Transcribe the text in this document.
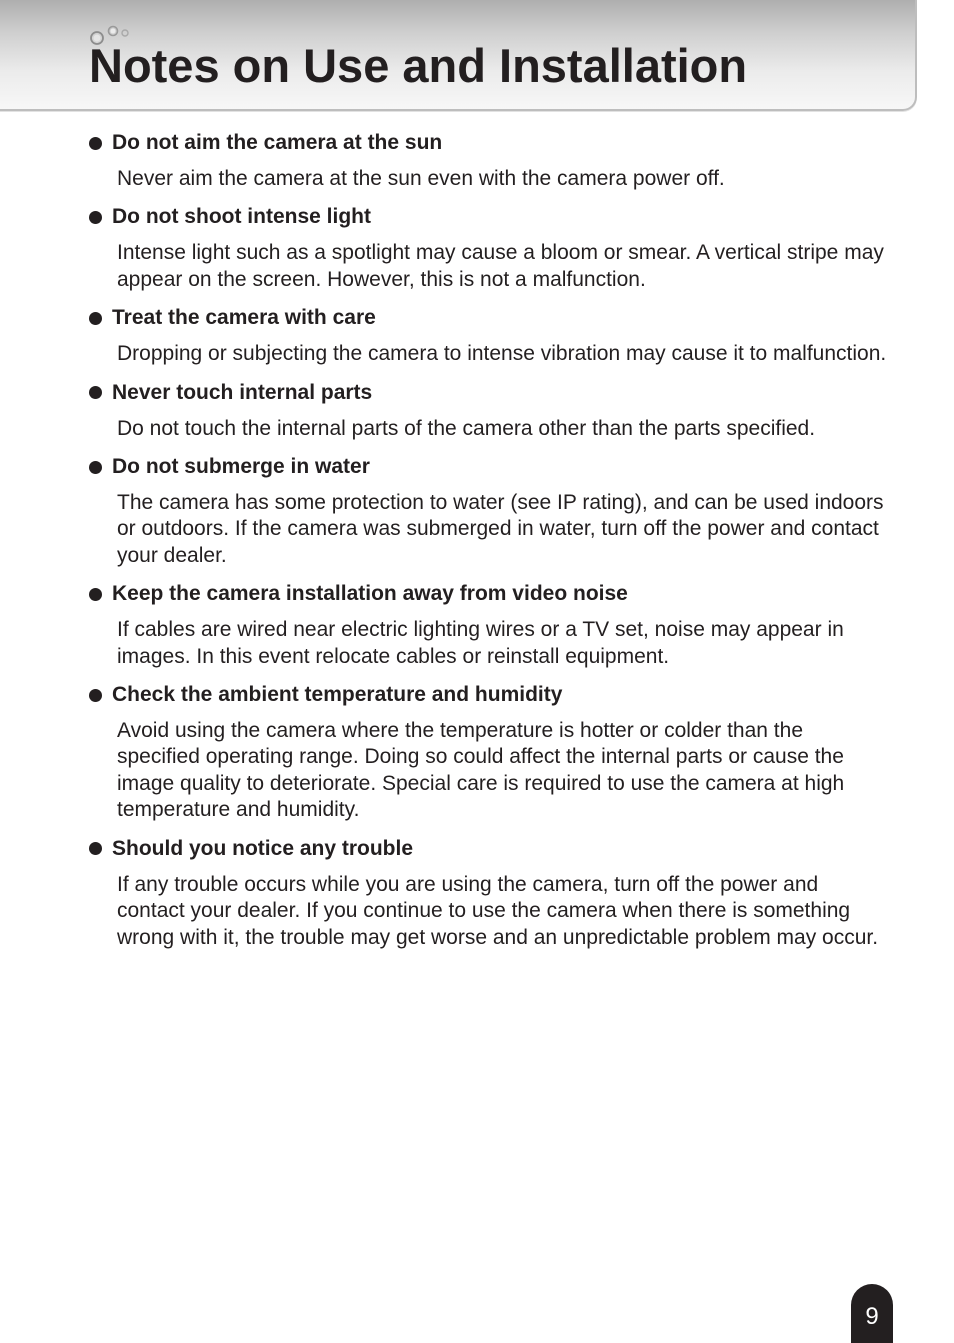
Notes on Use and Installation
Do not aim the camera at the sun
Never aim the camera at the sun even with the camera power off.
Do not shoot intense light
Intense light such as a spotlight may cause a bloom or smear. A vertical stripe may appear on the screen. However, this is not a malfunction.
Treat the camera with care
Dropping or subjecting the camera to intense vibration may cause it to malfunction.
Never touch internal parts
Do not touch the internal parts of the camera other than the parts specified.
Do not submerge in water
The camera has some protection to water (see IP rating), and can be used indoors or outdoors. If the camera was submerged in water, turn off the power and contact your dealer.
Keep the camera installation away from video noise
If cables are wired near electric lighting wires or a TV set, noise may appear in images. In this event relocate cables or reinstall equipment.
Check the ambient temperature and humidity
Avoid using the camera where the temperature is hotter or colder than the specified operating range. Doing so could affect the internal parts or cause the image quality to deteriorate. Special care is required to use the camera at high temperature and humidity.
Should you notice any trouble
If any trouble occurs while you are using the camera, turn off the power and contact your dealer. If you continue to use the camera when there is something wrong with it, the trouble may get worse and an unpredictable problem may occur.
9
